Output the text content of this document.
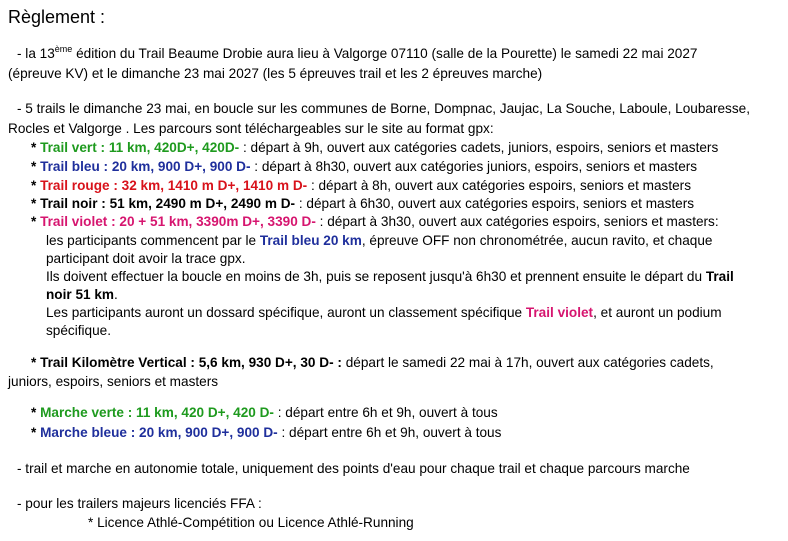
Règlement :
- la 13ème édition du Trail Beaume Drobie aura lieu à Valgorge 07110 (salle de la Pourette) le samedi 22 mai 2027
(épreuve KV) et le dimanche 23 mai 2027 (les 5 épreuves trail et les 2 épreuves marche)
- 5 trails le dimanche 23 mai, en boucle sur les communes de Borne, Dompnac, Jaujac, La Souche, Laboule, Loubaresse,
Rocles et Valgorge . Les parcours sont téléchargeables sur le site au format gpx:
* Trail vert : 11 km, 420D+, 420D- : départ à 9h, ouvert aux catégories cadets, juniors, espoirs, seniors et masters
* Trail bleu : 20 km, 900 D+, 900 D- : départ à 8h30, ouvert aux catégories juniors, espoirs, seniors et masters
* Trail rouge : 32 km, 1410 m D+, 1410 m D- : départ à 8h, ouvert aux catégories espoirs, seniors et masters
* Trail noir : 51 km, 2490 m D+, 2490 m D- : départ à 6h30, ouvert aux catégories espoirs, seniors et masters
* Trail violet : 20 + 51 km, 3390m D+, 3390 D- : départ à 3h30, ouvert aux catégories espoirs, seniors et masters:
les participants commencent par le Trail bleu 20 km, épreuve OFF non chronométrée, aucun ravito, et chaque
participant doit avoir la trace gpx.
Ils doivent effectuer la boucle en moins de 3h, puis se reposent jusqu'à 6h30 et prennent ensuite le départ du Trail
noir 51 km.
Les participants auront un dossard spécifique, auront un classement spécifique Trail violet, et auront un podium
spécifique.
* Trail Kilomètre Vertical : 5,6 km, 930 D+, 30 D- : départ le samedi 22 mai à 17h, ouvert aux catégories cadets,
juniors, espoirs, seniors et masters
* Marche verte : 11 km, 420 D+, 420 D- : départ entre 6h et 9h, ouvert à tous
* Marche bleue : 20 km, 900 D+, 900 D- : départ entre 6h et 9h, ouvert à tous
- trail et marche en autonomie totale, uniquement des points d'eau pour chaque trail et chaque parcours marche
- pour les trailers majeurs licenciés FFA :
* Licence Athlé-Compétition ou Licence Athlé-Running
